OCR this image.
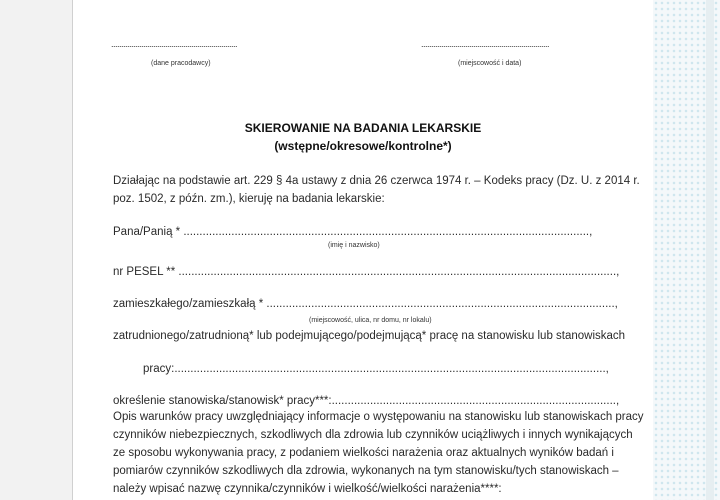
...............................................................
(dane pracodawcy)
................................................................
(miejscowość i data)
SKIEROWANIE NA BADANIA LEKARSKIE
(wstępne/okresowe/kontrolne*)
Działając na podstawie art. 229 § 4a ustawy z dnia 26 czerwca 1974 r. – Kodeks pracy (Dz. U. z 2014 r.
poz. 1502, z późn. zm.), kieruję na badania lekarskie:
Pana/Panią * ...............................................................................................................................,
(imię i nazwisko)
nr PESEL ** .........................................................................................................................................,
zamieszkałego/zamieszkałą * .............................................................................................................,
(miejscowość, ulica, nr domu, nr lokalu)
zatrudnionego/zatrudnioną* lub podejmującego/podejmującą* pracę na stanowisku lub stanowiskach
pracy:.......................................................................................................................................,
określenie stanowiska/stanowisk* pracy***:.........................................................................................,
Opis warunków pracy uwzględniający informacje o występowaniu na stanowisku lub stanowiskach pracy
czynników niebezpiecznych, szkodliwych dla zdrowia lub czynników uciążliwych i innych wynikających
ze sposobu wykonywania pracy, z podaniem wielkości narażenia oraz aktualnych wyników badań i
pomiarów czynników szkodliwych dla zdrowia, wykonanych na tym stanowisku/tych stanowiskach –
należy wpisać nazwę czynnika/czynników i wielkość/wielkości narażenia****:
